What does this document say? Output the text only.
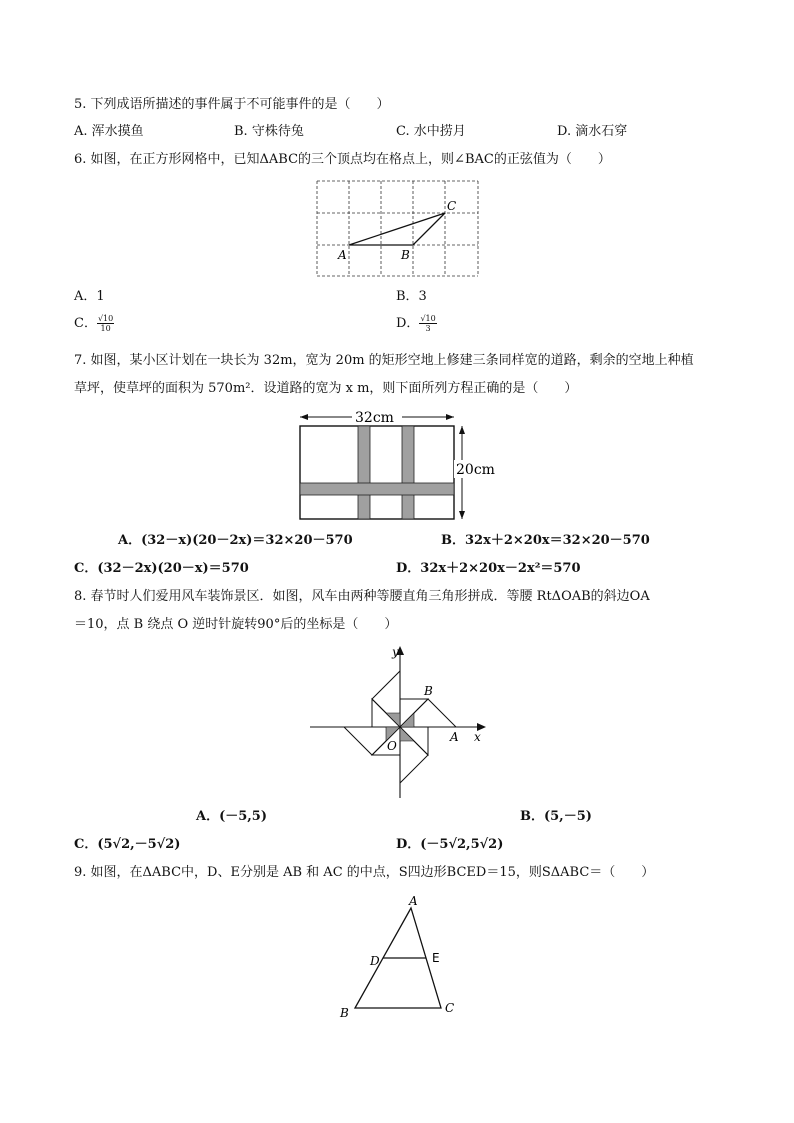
5. 下列成语所描述的事件属于不可能事件的是（　　）
A. 浑水摸鱼	B. 守株待兔	C. 水中捞月	D. 滴水石穿
6. 如图，在正方形网格中，已知ΔABC的三个顶点均在格点上，则∠BAC的正弦值为（　　）
A	B
C
A．1	B．3
C． $\frac{√10}{10}$	D． $\frac{√10}{3}$
7. 如图，某小区计划在一块长为 32m，宽为 20m 的矩形空地上修建三条同样宽的道路，剩余的空地上种植
草坪，使草坪的面积为 570m²．设道路的宽为 x m，则下面所列方程正确的是（　　）
32cm
20cm
A．(32－x)(20－2x)＝32×20－570	B．32x＋2×20x＝32×20－570
C．(32－2x)(20－x)＝570	D．32x＋2×20x－2x²＝570
8. 春节时人们爱用风车装饰景区．如图，风车由两种等腰直角三角形拼成．等腰 RtΔOAB的斜边OA
＝10，点 B 绕点 O 逆时针旋转90°后的坐标是（　　）
y
x
B
O
A
A．(－5,5)	B．(5,－5)
C．(5√2,－5√2)	D．(－5√2,5√2)
9. 如图，在ΔABC中，D、E分别是 AB 和 AC 的中点，S四边形BCED＝15，则SΔABC＝（　　）
A
D	E
B	C
